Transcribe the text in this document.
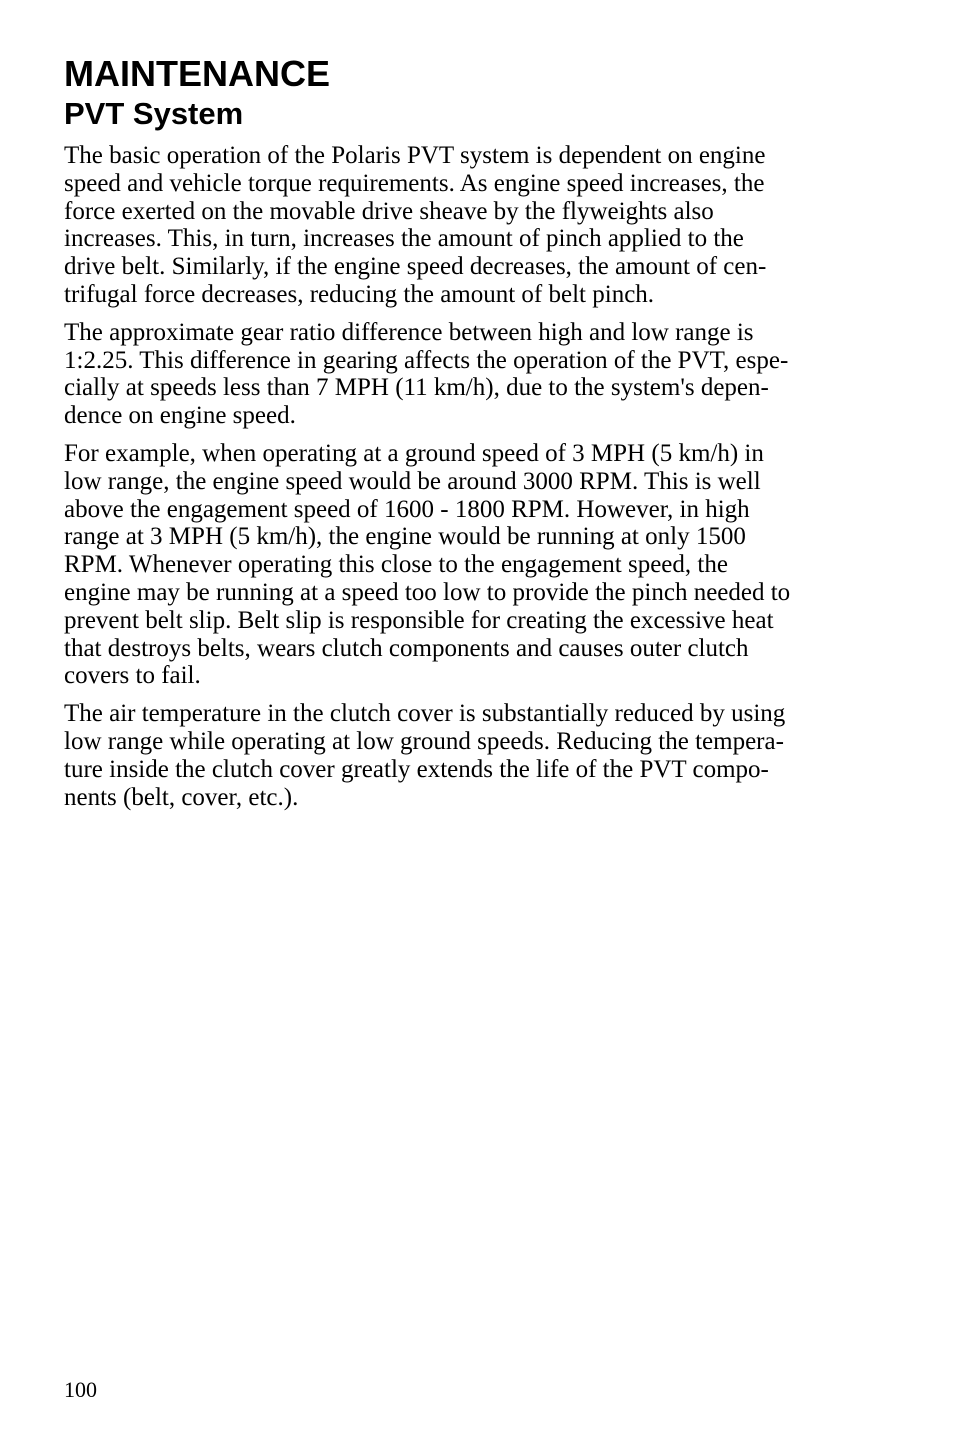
MAINTENANCE
PVT System

The basic operation of the Polaris PVT system is dependent on engine
speed and vehicle torque requirements. As engine speed increases, the
force exerted on the movable drive sheave by the flyweights also
increases. This, in turn, increases the amount of pinch applied to the
drive belt. Similarly, if the engine speed decreases, the amount of cen-
trifugal force decreases, reducing the amount of belt pinch.

The approximate gear ratio difference between high and low range is
1:2.25. This difference in gearing affects the operation of the PVT, espe-
cially at speeds less than 7 MPH (11 km/h), due to the system's depen-
dence on engine speed.

For example, when operating at a ground speed of 3 MPH (5 km/h) in
low range, the engine speed would be around 3000 RPM. This is well
above the engagement speed of 1600 - 1800 RPM. However, in high
range at 3 MPH (5 km/h), the engine would be running at only 1500
RPM. Whenever operating this close to the engagement speed, the
engine may be running at a speed too low to provide the pinch needed to
prevent belt slip. Belt slip is responsible for creating the excessive heat
that destroys belts, wears clutch components and causes outer clutch
covers to fail.

The air temperature in the clutch cover is substantially reduced by using
low range while operating at low ground speeds. Reducing the tempera-
ture inside the clutch cover greatly extends the life of the PVT compo-
nents (belt, cover, etc.).

100
